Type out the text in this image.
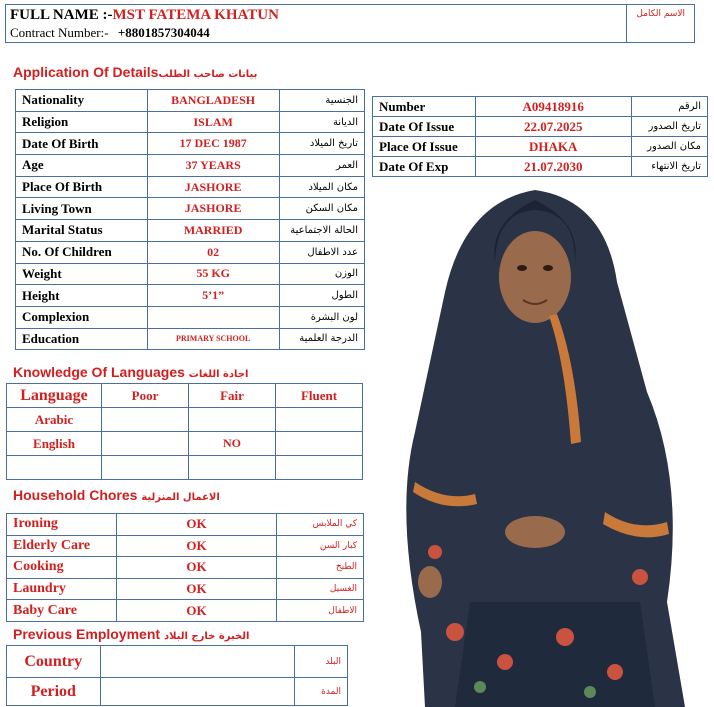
FULL NAME :-MST FATEMA KHATUN
Contract Number:- +8801857304044
الاسم الكامل
Application Of Detailsبيانات صاحب الطلب
Nationality	BANGLADESH	الجنسية
Religion	ISLAM	الديانة
Date Of Birth	17 DEC 1987	تاريخ الميلاد
Age	37 YEARS	العمر
Place Of Birth	JASHORE	مكان الميلاد
Living Town	JASHORE	مكان السكن
Marital Status	MARRIED	الحالة الاجتماعية
No. Of Children	02	عدد الاطفال
Weight	55 KG	الوزن
Height	5’1”	الطول
Complexion		لون البشرة
Education	PRIMARY SCHOOL	الدرجة العلمية
Number	A09418916	الرقم
Date Of Issue	22.07.2025	تاريخ الصدور
Place Of Issue	DHAKA	مكان الصدور
Date Of Exp	21.07.2030	تاريخ الانتهاء
Knowledge Of Languages اجادة اللغات
Language	Poor	Fair	Fluent
Arabic			
English		NO	

Household Chores الاعمال المنزلية
Ironing	OK	كي الملابس
Elderly Care	OK	كبار السن
Cooking	OK	الطبخ
Laundry	OK	الغسيل
Baby Care	OK	الاطفال
Previous Employment الخبرة خارج البلاد
Country		البلد
Period		المدة
